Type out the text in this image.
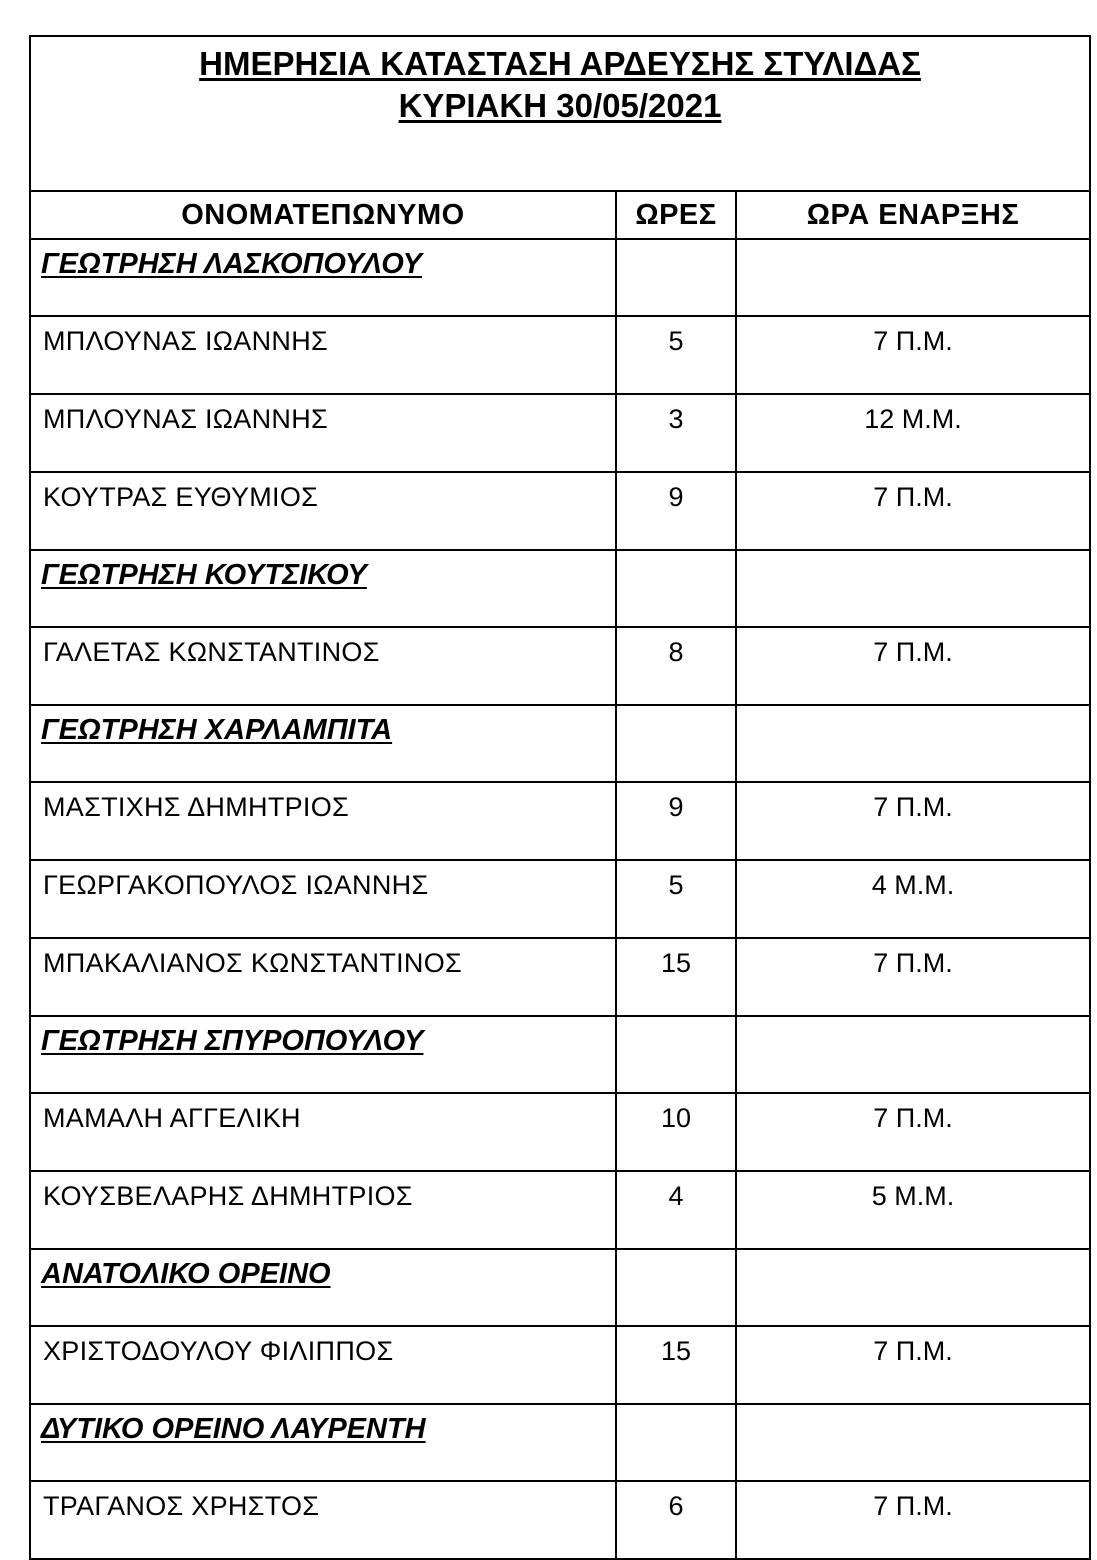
ΗΜΕΡΗΣΙΑ ΚΑΤΑΣΤΑΣΗ ΑΡΔΕΥΣΗΣ ΣΤΥΛΙΔΑΣ
ΚΥΡΙΑΚΗ 30/05/2021		

ΟΝΟΜΑΤΕΠΩΝΥΜΟ	ΩΡΕΣ	ΩΡΑ ΕΝΑΡΞΗΣ
ΓΕΩΤΡΗΣΗ ΛΑΣΚΟΠΟΥΛΟΥ		
ΜΠΛΟΥΝΑΣ ΙΩΑΝΝΗΣ	5	7 Π.Μ.
ΜΠΛΟΥΝΑΣ ΙΩΑΝΝΗΣ	3	12 Μ.Μ.
ΚΟΥΤΡΑΣ ΕΥΘΥΜΙΟΣ	9	7 Π.Μ.
ΓΕΩΤΡΗΣΗ ΚΟΥΤΣΙΚΟΥ		
ΓΑΛΕΤΑΣ ΚΩΝΣΤΑΝΤΙΝΟΣ	8	7 Π.Μ.
ΓΕΩΤΡΗΣΗ ΧΑΡΛΑΜΠΙΤΑ		
ΜΑΣΤΙΧΗΣ ΔΗΜΗΤΡΙΟΣ	9	7 Π.Μ.
ΓΕΩΡΓΑΚΟΠΟΥΛΟΣ ΙΩΑΝΝΗΣ	5	4 Μ.Μ.
ΜΠΑΚΑΛΙΑΝΟΣ ΚΩΝΣΤΑΝΤΙΝΟΣ	15	7 Π.Μ.
ΓΕΩΤΡΗΣΗ ΣΠΥΡΟΠΟΥΛΟΥ		
ΜΑΜΑΛΗ ΑΓΓΕΛΙΚΗ	10	7 Π.Μ.
ΚΟΥΣΒΕΛΑΡΗΣ ΔΗΜΗΤΡΙΟΣ	4	5 Μ.Μ.
ΑΝΑΤΟΛΙΚΟ ΟΡΕΙΝΟ		
ΧΡΙΣΤΟΔΟΥΛΟΥ ΦΙΛΙΠΠΟΣ	15	7 Π.Μ.
ΔΥΤΙΚΟ ΟΡΕΙΝΟ ΛΑΥΡΕΝΤΗ		
ΤΡΑΓΑΝΟΣ ΧΡΗΣΤΟΣ	6	7 Π.Μ.
